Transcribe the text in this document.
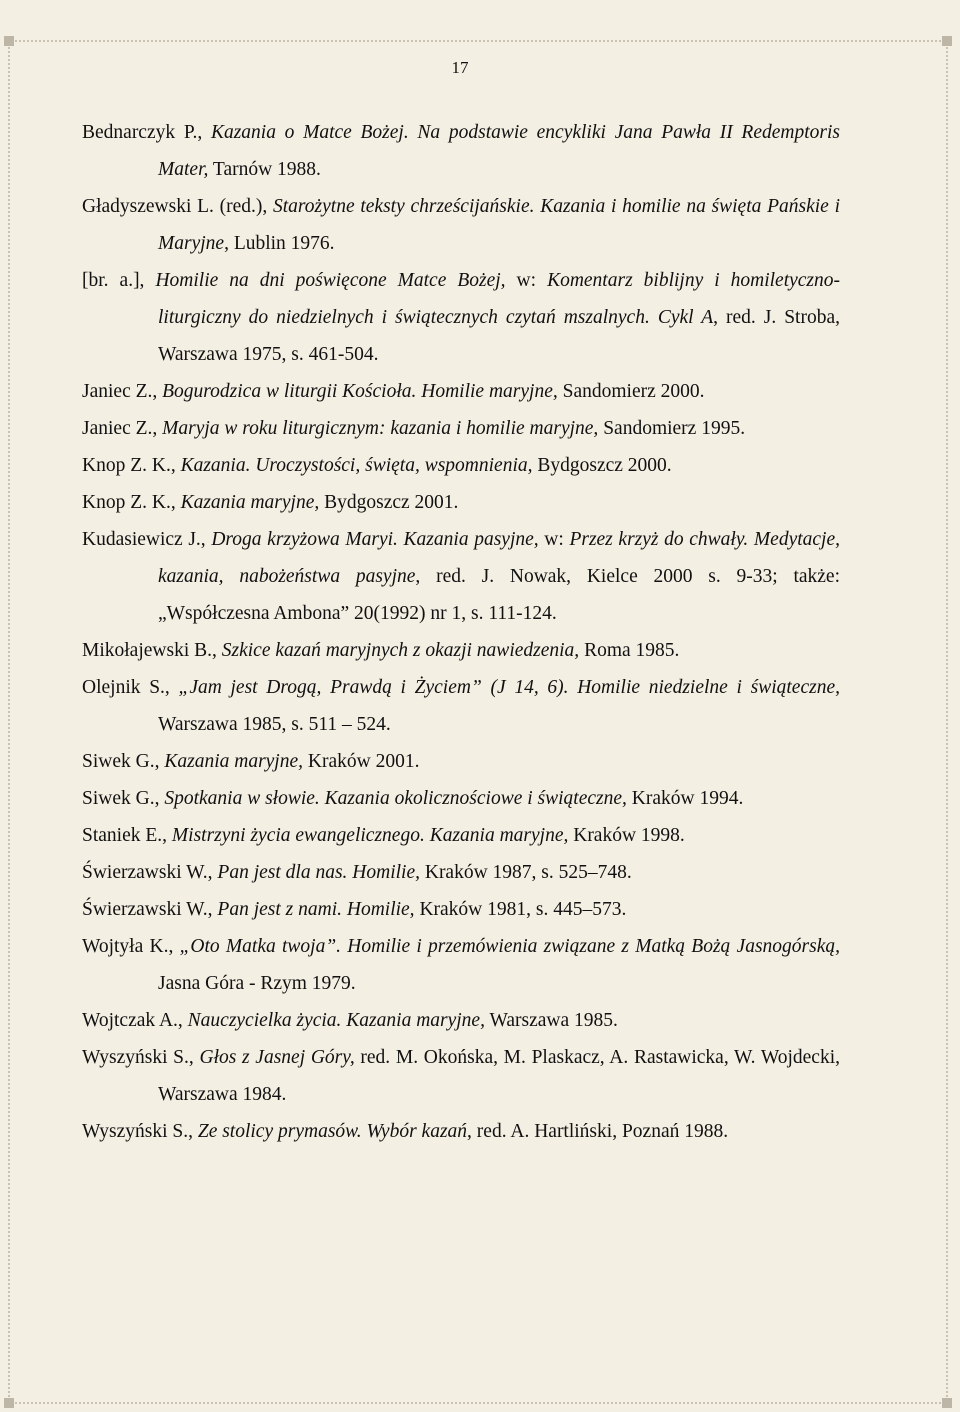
17

Bednarczyk P., Kazania o Matce Bożej. Na podstawie encykliki Jana Pawła II Redemptoris Mater, Tarnów 1988.

Gładyszewski L. (red.), Starożytne teksty chrześcijańskie. Kazania i homilie na święta Pańskie i Maryjne, Lublin 1976.

[br. a.], Homilie na dni poświęcone Matce Bożej, w: Komentarz biblijny i homiletyczno-liturgiczny do niedzielnych i świątecznych czytań mszalnych. Cykl A, red. J. Stroba, Warszawa 1975, s. 461-504.

Janiec Z., Bogurodzica w liturgii Kościoła. Homilie maryjne, Sandomierz 2000.

Janiec Z., Maryja w roku liturgicznym: kazania i homilie maryjne, Sandomierz 1995.

Knop Z. K., Kazania. Uroczystości, święta, wspomnienia, Bydgoszcz 2000.

Knop Z. K., Kazania maryjne, Bydgoszcz 2001.

Kudasiewicz J., Droga krzyżowa Maryi. Kazania pasyjne, w: Przez krzyż do chwały. Medytacje, kazania, nabożeństwa pasyjne, red. J. Nowak, Kielce 2000 s. 9-33; także: „Współczesna Ambona” 20(1992) nr 1, s. 111-124.

Mikołajewski B., Szkice kazań maryjnych z okazji nawiedzenia, Roma 1985.

Olejnik S., „Jam jest Drogą, Prawdą i Życiem” (J 14, 6). Homilie niedzielne i świąteczne, Warszawa 1985, s. 511 – 524.

Siwek G., Kazania maryjne, Kraków 2001.

Siwek G., Spotkania w słowie. Kazania okolicznościowe i świąteczne, Kraków 1994.

Staniek E., Mistrzyni życia ewangelicznego. Kazania maryjne, Kraków 1998.

Świerzawski W., Pan jest dla nas. Homilie, Kraków 1987, s. 525–748.

Świerzawski W., Pan jest z nami. Homilie, Kraków 1981, s. 445–573.

Wojtyła K., „Oto Matka twoja”. Homilie i przemówienia związane z Matką Bożą Jasnogórską, Jasna Góra - Rzym 1979.

Wojtczak A., Nauczycielka życia. Kazania maryjne, Warszawa 1985.

Wyszyński S., Głos z Jasnej Góry, red. M. Okońska, M. Plaskacz, A. Rastawicka, W. Wojdecki, Warszawa 1984.

Wyszyński S., Ze stolicy prymasów. Wybór kazań, red. A. Hartliński, Poznań 1988.
